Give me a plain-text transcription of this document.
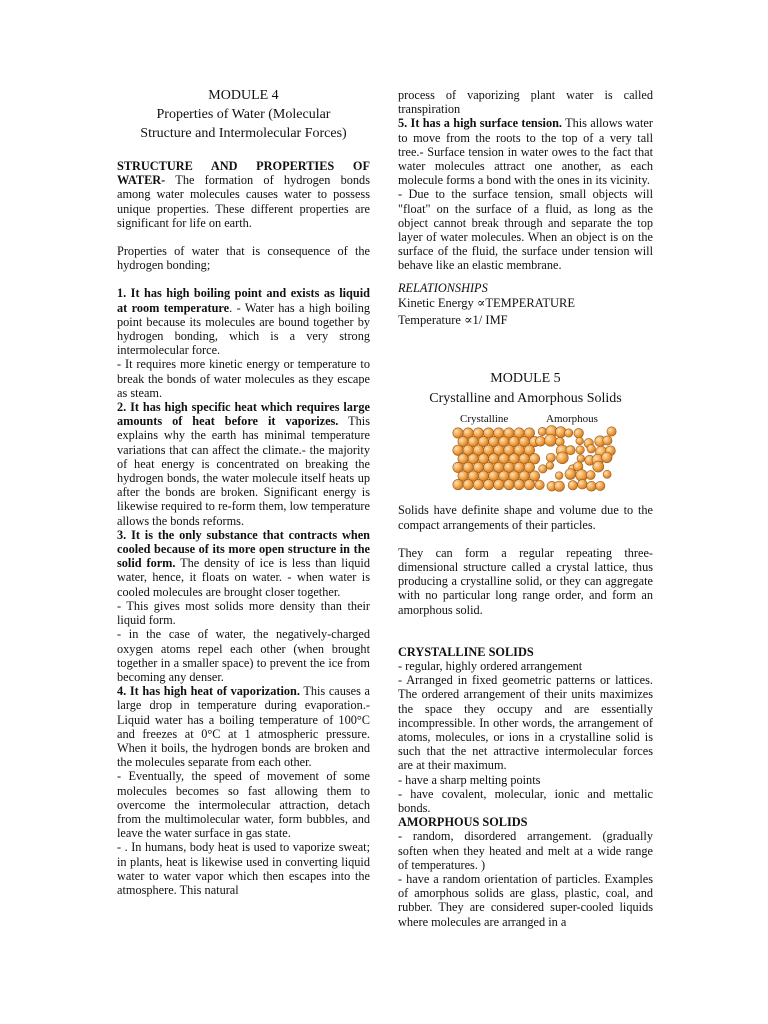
MODULE 4

Properties of Water (Molecular

Structure and Intermolecular Forces)

STRUCTURE AND PROPERTIES OF WATER- The formation of hydrogen bonds among water molecules causes water to possess unique properties. These different properties are significant for life on earth.

Properties of water that is consequence of the hydrogen bonding;

1. It has high boiling point and exists as liquid at room temperature. - Water has a high boiling point because its molecules are bound together by hydrogen bonding, which is a very strong intermolecular force.

- It requires more kinetic energy or temperature to break the bonds of water molecules as they escape as steam.

2. It has high specific heat which requires large amounts of heat before it vaporizes. This explains why the earth has minimal temperature variations that can affect the climate.- the majority of heat energy is concentrated on breaking the hydrogen bonds, the water molecule itself heats up after the bonds are broken. Significant energy is likewise required to re-form them, low temperature allows the bonds reforms.

3. It is the only substance that contracts when cooled because of its more open structure in the solid form. The density of ice is less than liquid water, hence, it floats on water. - when water is cooled molecules are brought closer together.

- This gives most solids more density than their liquid form.

- in the case of water, the negatively-charged oxygen atoms repel each other (when brought together in a smaller space) to prevent the ice from becoming any denser.

4. It has high heat of vaporization. This causes a large drop in temperature during evaporation.- Liquid water has a boiling temperature of 100°C and freezes at 0°C at 1 atmospheric pressure. When it boils, the hydrogen bonds are broken and the molecules separate from each other.

- Eventually, the speed of movement of some molecules becomes so fast allowing them to overcome the intermolecular attraction, detach from the multimolecular water, form bubbles, and leave the water surface in gas state.

- . In humans, body heat is used to vaporize sweat; in plants, heat is likewise used in converting liquid water to water vapor which then escapes into the atmosphere. This natural

process of vaporizing plant water is called transpiration

5. It has a high surface tension. This allows water to move from the roots to the top of a very tall tree.- Surface tension in water owes to the fact that water molecules attract one another, as each molecule forms a bond with the ones in its vicinity.

- Due to the surface tension, small objects will "float" on the surface of a fluid, as long as the object cannot break through and separate the top layer of water molecules. When an object is on the surface of the fluid, the surface under tension will behave like an elastic membrane.

RELATIONSHIPS

Kinetic Energy ∝TEMPERATURE

Temperature ∝1/ IMF

MODULE 5

Crystalline and Amorphous Solids

Crystalline	Amorphous

Solids have definite shape and volume due to the compact arrangements of their particles.

They can form a regular repeating three-dimensional structure called a crystal lattice, thus producing a crystalline solid, or they can aggregate with no particular long range order, and form an amorphous solid.

CRYSTALLINE SOLIDS

- regular, highly ordered arrangement

- Arranged in fixed geometric patterns or lattices. The ordered arrangement of their units maximizes the space they occupy and are essentially incompressible. In other words, the arrangement of atoms, molecules, or ions in a crystalline solid is such that the net attractive intermolecular forces are at their maximum.

- have a sharp melting points

- have covalent, molecular, ionic and mettalic bonds.

AMORPHOUS SOLIDS

- random, disordered arrangement. (gradually soften when they heated and melt at a wide range of temperatures. )

- have a random orientation of particles. Examples of amorphous solids are glass, plastic, coal, and rubber. They are considered super-cooled liquids where molecules are arranged in a
